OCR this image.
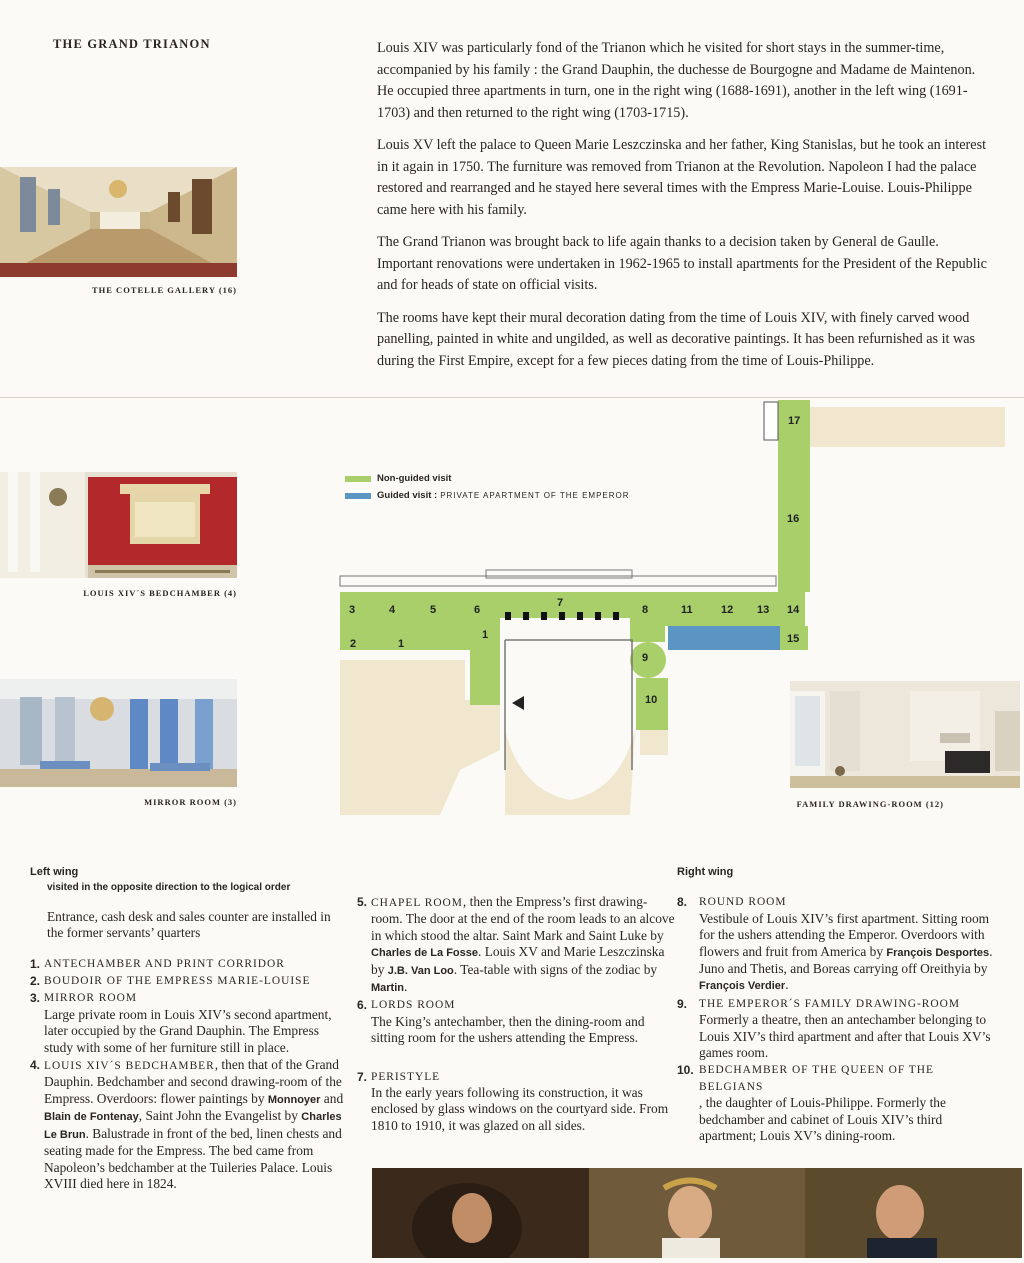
THE GRAND TRIANON	Louis XIV was particularly fond of the Trianon which he visited for short stays in the summer-time, accompanied by his family : the Grand Dauphin, the duchesse de Bourgogne and Madame de Maintenon. He occupied three apartments in turn, one in the right wing (1688-1691), another in the left wing (1691-1703) and then returned to the right wing (1703-1715).

Louis XV left the palace to Queen Marie Leszczinska and her father, King Stanislas, but he took an interest in it again in 1750. The furniture was removed from Trianon at the Revolution. Napoleon I had the palace restored and rearranged and he stayed here several times with the Empress Marie-Louise. Louis-Philippe came here with his family.

The Grand Trianon was brought back to life again thanks to a decision taken by General de Gaulle. Important renovations were undertaken in 1962-1965 to install apartments for the President of the Republic and for heads of state on official visits.

The rooms have kept their mural decoration dating from the time of Louis XIV, with finely carved wood panelling, painted in white and ungilded, as well as decorative paintings. It has been refurnished as it was during the First Empire, except for a few pieces dating from the time of Louis-Philippe.

THE COTELLE GALLERY (16)
LOUIS XIV´S BEDCHAMBER (4)
MIRROR ROOM (3)	FAMILY DRAWING-ROOM (12)
Non-guided visit
Guided visit : PRIVATE APARTMENT OF THE EMPEROR
1
1
2
3	4	5	6
7
8
9
10
11	12 13 14
15
16
17
Left wing
visited in the opposite direction to the logical order

Entrance, cash desk and sales counter are installed in the former servants’ quarters

1. ANTECHAMBER AND PRINT CORRIDOR
2. BOUDOIR OF THE EMPRESS MARIE-LOUISE
3. MIRROR ROOM

Large private room in Louis XIV’s second apartment, later occupied by the Grand Dauphin. The Empress study with some of her furniture still in place.

4. LOUIS XIV´S BEDCHAMBER, then that of the Grand Dauphin. Bedchamber and second drawing-room of the Empress. Overdoors: flower paintings by Monnoyer and Blain de Fontenay, Saint John the Evangelist by Charles Le Brun. Balustrade in front of the bed, linen chests and seating made for the Empress. The bed came from Napoleon’s bedchamber at the Tuileries Palace. Louis XVIII died here in 1824.
5. CHAPEL ROOM, then the Empress’s first drawing-room. The door at the end of the room leads to an alcove in which stood the altar. Saint Mark and Saint Luke by Charles de La Fosse. Louis XV and Marie Leszczinska by J.B. Van Loo. Tea-table with signs of the zodiac by Martin.
6. LORDS ROOM

The King’s antechamber, then the dining-room and sitting room for the ushers attending the Empress.

7. PERISTYLE

In the early years following its construction, it was enclosed by glass windows on the courtyard side. From 1810 to 1910, it was glazed on all sides.

Right wing
8.	ROUND ROOM

Vestibule of Louis XIV’s first apartment. Sitting room for the ushers attending the Emperor. Overdoors with flowers and fruit from America by François Desportes. Juno and Thetis, and Boreas carrying off Oreithyia by François Verdier.

9.	THE EMPEROR´S FAMILY DRAWING-ROOM

Formerly a theatre, then an antechamber belonging to Louis XIV’s third apartment and after that Louis XV’s games room.

10. BEDCHAMBER OF THE QUEEN OF THE BELGIANS

, the daughter of Louis-Philippe. Formerly the bedchamber and cabinet of Louis XIV’s third apartment; Louis XV’s dining-room.
